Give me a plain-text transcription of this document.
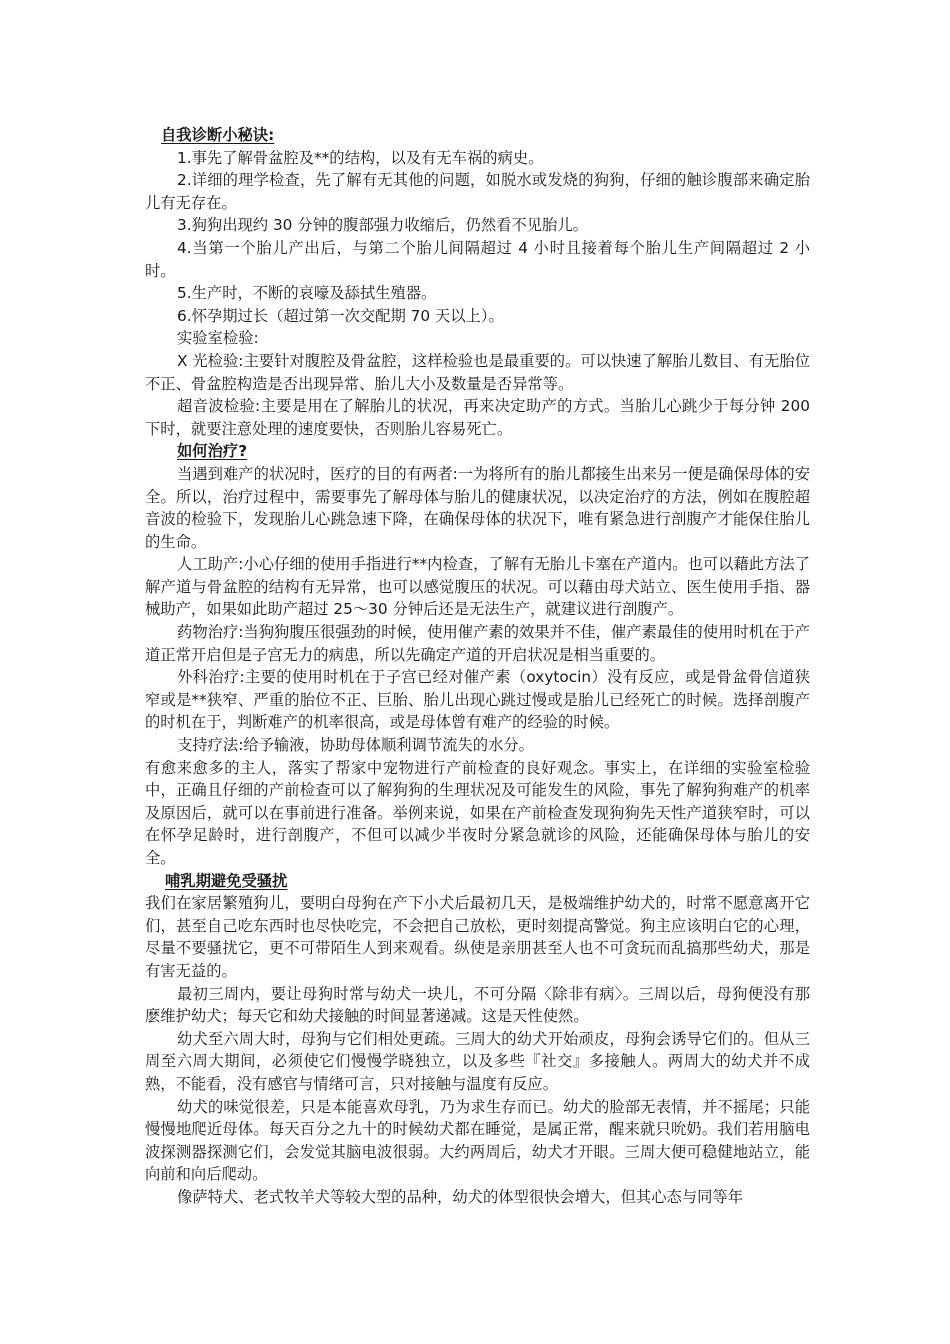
自我诊断小秘诀:

1.事先了解骨盆腔及**的结构，以及有无车祸的病史。

2.详细的理学检查，先了解有无其他的问题，如脱水或发烧的狗狗，仔细的触诊腹部来确定胎儿有无存在。

3.狗狗出现约 30 分钟的腹部强力收缩后，仍然看不见胎儿。

4.当第一个胎儿产出后，与第二个胎儿间隔超过 4 小时且接着每个胎儿生产间隔超过 2 小时。

5.生产时，不断的哀嚎及舔拭生殖器。

6.怀孕期过长（超过第一次交配期 70 天以上）。

实验室检验:

X 光检验:主要针对腹腔及骨盆腔，这样检验也是最重要的。可以快速了解胎儿数目、有无胎位不正、骨盆腔构造是否出现异常、胎儿大小及数量是否异常等。

超音波检验:主要是用在了解胎儿的状况，再来决定助产的方式。当胎儿心跳少于每分钟 200 下时，就要注意处理的速度要快，否则胎儿容易死亡。

如何治疗?

当遇到难产的状况时，医疗的目的有两者:一为将所有的胎儿都接生出来另一便是确保母体的安全。所以，治疗过程中，需要事先了解母体与胎儿的健康状况，以决定治疗的方法，例如在腹腔超音波的检验下，发现胎儿心跳急速下降，在确保母体的状况下，唯有紧急进行剖腹产才能保住胎儿的生命。

人工助产:小心仔细的使用手指进行**内检查，了解有无胎儿卡塞在产道内。也可以藉此方法了解产道与骨盆腔的结构有无异常，也可以感觉腹压的状况。可以藉由母犬站立、医生使用手指、器械助产，如果如此助产超过 25～30 分钟后还是无法生产，就建议进行剖腹产。

药物治疗:当狗狗腹压很强劲的时候，使用催产素的效果并不佳，催产素最佳的使用时机在于产道正常开启但是子宫无力的病患，所以先确定产道的开启状况是相当重要的。

外科治疗:主要的使用时机在于子宫已经对催产素（oxytocin）没有反应，或是骨盆骨信道狭窄或是**狭窄、严重的胎位不正、巨胎、胎儿出现心跳过慢或是胎儿已经死亡的时候。选择剖腹产的时机在于，判断难产的机率很高，或是母体曾有难产的经验的时候。

支持疗法:给予输液，协助母体顺利调节流失的水分。

有愈来愈多的主人，落实了帮家中宠物进行产前检查的良好观念。事实上，在详细的实验室检验中，正确且仔细的产前检查可以了解狗狗的生理状况及可能发生的风险，事先了解狗狗难产的机率及原因后，就可以在事前进行准备。举例来说，如果在产前检查发现狗狗先天性产道狭窄时，可以在怀孕足龄时，进行剖腹产，不但可以减少半夜时分紧急就诊的风险，还能确保母体与胎儿的安全。

哺乳期避免受骚扰

我们在家居繁殖狗儿，要明白母狗在产下小犬后最初几天，是极端维护幼犬的，时常不愿意离开它们，甚至自己吃东西时也尽快吃完，不会把自己放松，更时刻提高警觉。狗主应该明白它的心理，尽量不要骚扰它，更不可带陌生人到来观看。纵使是亲朋甚至人也不可贪玩而乱搞那些幼犬，那是有害无益的。

最初三周内，要让母狗时常与幼犬一块儿，不可分隔〈除非有病〉。三周以后，母狗便没有那麽维护幼犬；每天它和幼犬接触的时间显著递减。这是天性使然。

幼犬至六周大时，母狗与它们相处更疏。三周大的幼犬开始顽皮，母狗会诱导它们的。但从三周至六周大期间，必须使它们慢慢学晓独立，以及多些『社交』多接触人。两周大的幼犬并不成熟，不能看，没有感官与情绪可言，只对接触与温度有反应。

幼犬的味觉很差，只是本能喜欢母乳，乃为求生存而已。幼犬的脸部无表情，并不摇尾；只能慢慢地爬近母体。每天百分之九十的时候幼犬都在睡觉，是属正常，醒来就只吮奶。我们若用脑电波探测器探测它们，会发觉其脑电波很弱。大约两周后，幼犬才开眼。三周大便可稳健地站立，能向前和向后爬动。

像萨特犬、老式牧羊犬等较大型的品种，幼犬的体型很快会增大，但其心态与同等年
